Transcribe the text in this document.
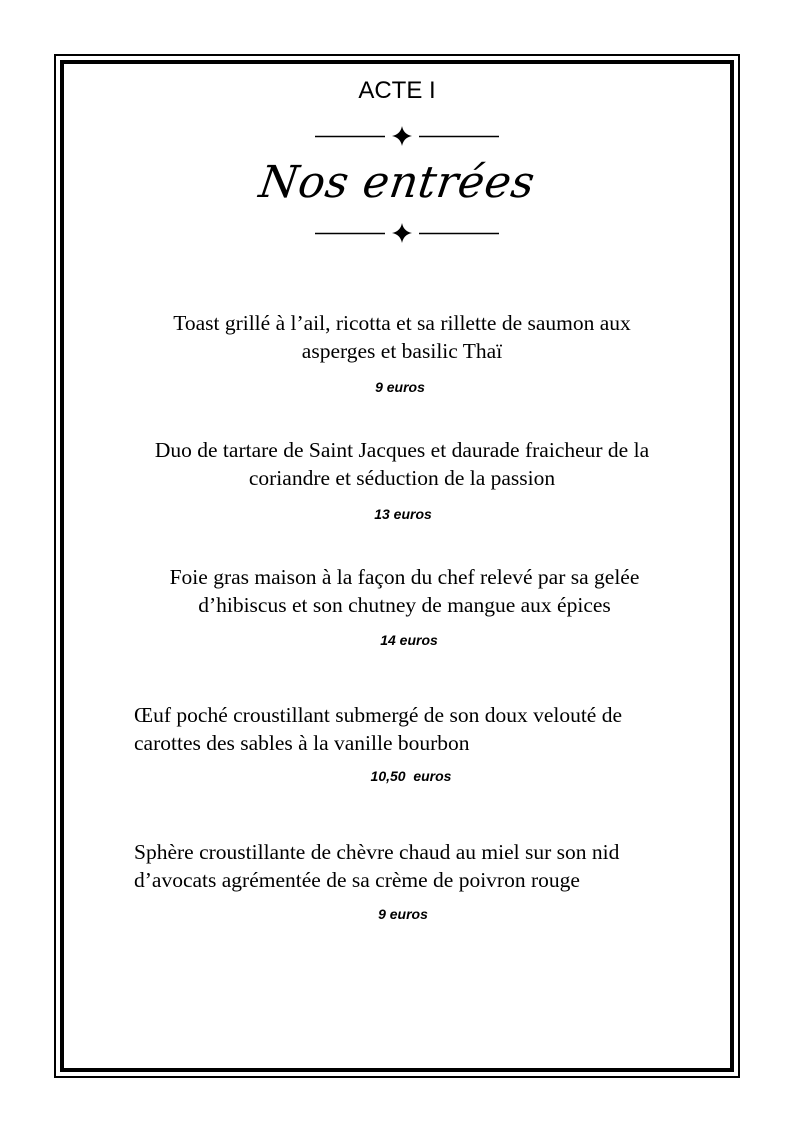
ACTE I
Nos entrées

Toast grillé à l’ail, ricotta et sa rillette de saumon aux asperges et basilic Thaï

9 euros

Duo de tartare de Saint Jacques et daurade fraicheur de la coriandre et séduction de la passion

13 euros

Foie gras maison à la façon du chef relevé par sa gelée d’hibiscus et son chutney de mangue aux épices

14 euros

Œuf poché croustillant submergé de son doux velouté de carottes des sables à la vanille bourbon

10,50  euros

Sphère croustillante de chèvre chaud au miel sur son nid d’avocats agrémentée de sa crème de poivron rouge

9 euros
